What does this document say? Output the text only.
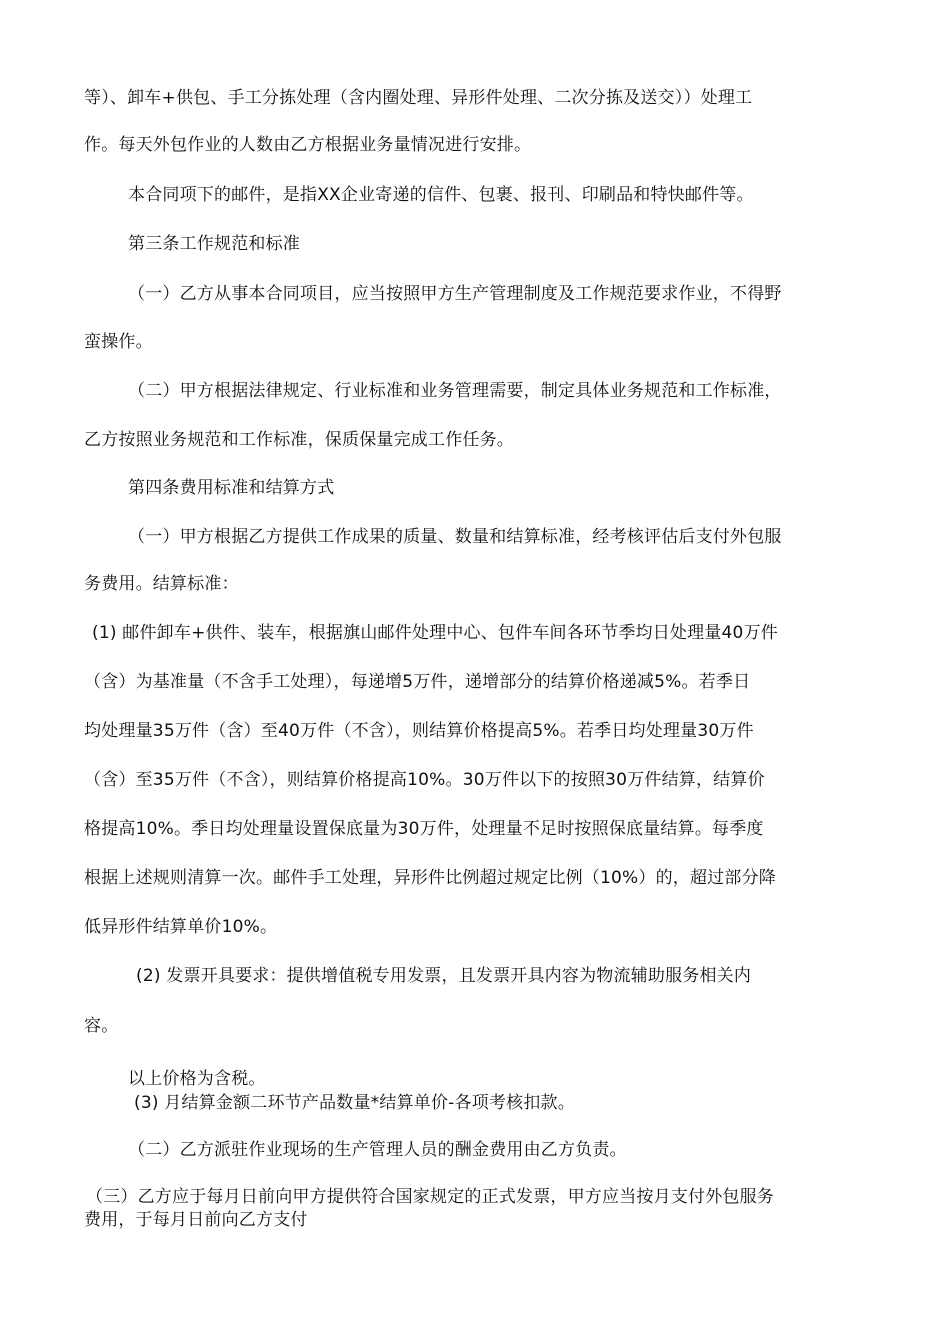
等）、卸车+供包、手工分拣处理（含内圈处理、异形件处理、二次分拣及送交））处理工
作。每天外包作业的人数由乙方根据业务量情况进行安排。
本合同项下的邮件，是指XX企业寄递的信件、包裹、报刊、印刷品和特快邮件等。
第三条工作规范和标准
（一）乙方从事本合同项目，应当按照甲方生产管理制度及工作规范要求作业，不得野
蛮操作。
（二）甲方根据法律规定、行业标准和业务管理需要，制定具体业务规范和工作标准，
乙方按照业务规范和工作标准，保质保量完成工作任务。
第四条费用标准和结算方式
（一）甲方根据乙方提供工作成果的质量、数量和结算标准，经考核评估后支付外包服
务费用。结算标准：
(1) 邮件卸车+供件、装车，根据旗山邮件处理中心、包件车间各环节季均日处理量40万件
（含）为基准量（不含手工处理），每递增5万件，递增部分的结算价格递减5%。若季日
均处理量35万件（含）至40万件（不含），则结算价格提高5%。若季日均处理量30万件
（含）至35万件（不含），则结算价格提高10%。30万件以下的按照30万件结算，结算价
格提高10%。季日均处理量设置保底量为30万件，处理量不足时按照保底量结算。每季度
根据上述规则清算一次。邮件手工处理，异形件比例超过规定比例（10%）的，超过部分降
低异形件结算单价10%。
(2) 发票开具要求：提供增值税专用发票，且发票开具内容为物流辅助服务相关内
容。
以上价格为含税。
(3) 月结算金额二环节产品数量*结算单价-各项考核扣款。
（二）乙方派驻作业现场的生产管理人员的酬金费用由乙方负责。
（三）乙方应于每月日前向甲方提供符合国家规定的正式发票，甲方应当按月支付外包服务
费用，于每月日前向乙方支付
